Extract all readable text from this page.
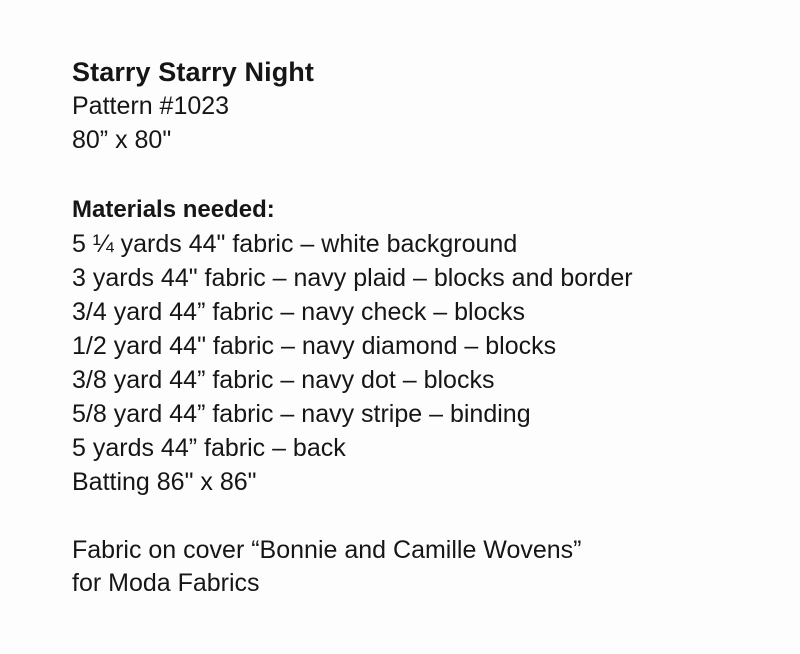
Starry Starry Night

Pattern #1023

80” x 80"

Materials needed:
5 ¼ yards 44" fabric – white background
3 yards 44" fabric – navy plaid – blocks and border
3/4 yard 44” fabric – navy check – blocks
1/2 yard 44" fabric – navy diamond – blocks
3/8 yard 44” fabric – navy dot – blocks
5/8 yard 44” fabric – navy stripe – binding
5 yards 44” fabric – back
Batting 86" x 86"

Fabric on cover “Bonnie and Camille Wovens”

for Moda Fabrics
